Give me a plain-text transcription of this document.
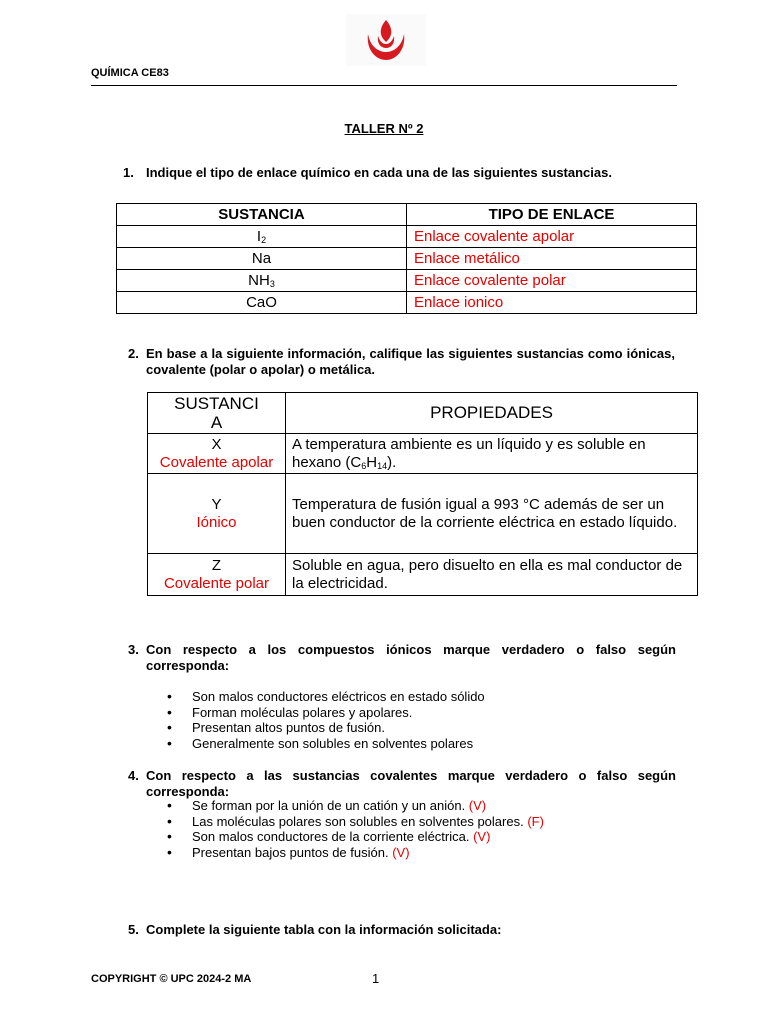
QUÍMICA CE83
TALLER Nº 2
1. Indique el tipo de enlace químico en cada una de las siguientes sustancias.
SUSTANCIA	TIPO DE ENLACE
$I_2$	Enlace covalente apolar
Na	Enlace metálico
$NH_3$	Enlace covalente polar
CaO	Enlace ionico
2. En base a la siguiente información, califique las siguientes sustancias como iónicas, covalente (polar o apolar) o metálica.
SUSTANCI
A	PROPIEDADES
X
Covalente apolar	A temperatura ambiente es un líquido y es soluble en hexano $(C_6H_{14})$.
Y
Iónico	Temperatura de fusión igual a 993 °C además de ser un buen conductor de la corriente eléctrica en estado líquido.
Z
Covalente polar	Soluble en agua, pero disuelto en ella es mal conductor de la electricidad.
3. Con respecto a los compuestos iónicos marque verdadero o falso según corresponda:
• Son malos conductores eléctricos en estado sólido
• Forman moléculas polares y apolares.
• Presentan altos puntos de fusión.
• Generalmente son solubles en solventes polares
4. Con respecto a las sustancias covalentes marque verdadero o falso según corresponda:
• Se forman por la unión de un catión y un anión. (V)
• Las moléculas polares son solubles en solventes polares. (F)
• Son malos conductores de la corriente eléctrica. (V)
• Presentan bajos puntos de fusión. (V)
5. Complete la siguiente tabla con la información solicitada:
COPYRIGHT © UPC 2024-2 MA	1
